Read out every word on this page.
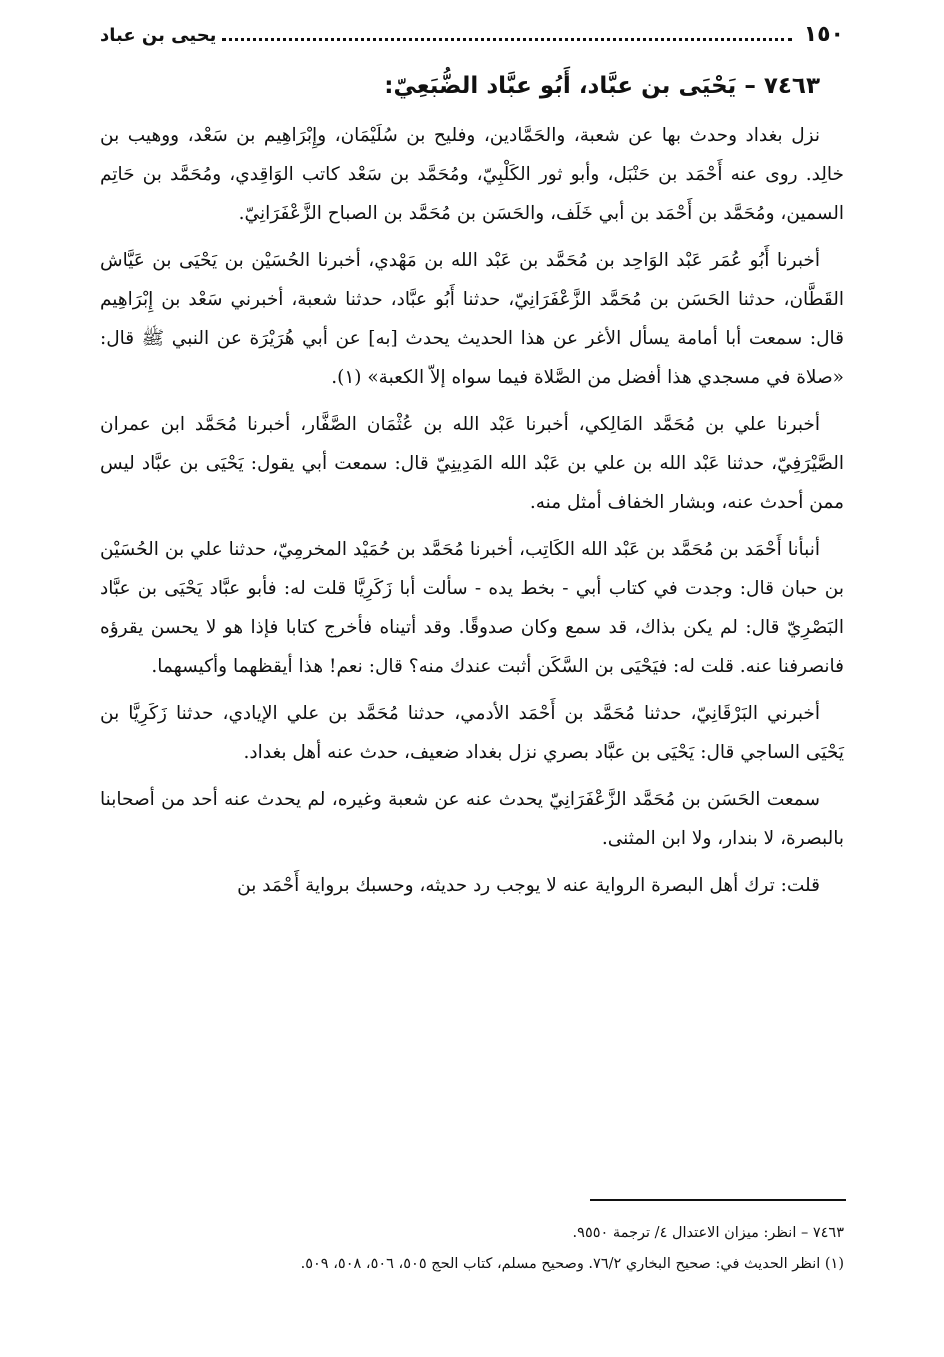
١٥٠
يحيى بن عباد
٧٤٦٣ – يَحْيَى بن عبَّاد، أَبُو عبَّاد الضُّبَعِيّ:

نزل بغداد وحدث بها عن شعبة، والحَمَّادين، وفليح بن سُلَيْمَان، وإِبْرَاهِيم بن سَعْد، ووهيب بن خالِد. روى عنه أَحْمَد بن حَنْبَل، وأبو ثور الكَلْبِيّ، ومُحَمَّد بن سَعْد كاتب الوَاقِدي، ومُحَمَّد بن حَاتِم السمين، ومُحَمَّد بن أَحْمَد بن أبي خَلَف، والحَسَن بن مُحَمَّد بن الصباح الزَّعْفَرَانِيّ.

أخبرنا أَبُو عُمَر عَبْد الوَاحِد بن مُحَمَّد بن عَبْد الله بن مَهْدي، أخبرنا الحُسَيْن بن يَحْيَى بن عَيَّاش القَطَّان، حدثنا الحَسَن بن مُحَمَّد الزَّعْفَرَانِيّ، حدثنا أَبُو عبَّاد، حدثنا شعبة، أخبرني سَعْد بن إِبْرَاهِيم قال: سمعت أبا أمامة يسأل الأغر عن هذا الحديث يحدث [به] عن أبي هُرَيْرَة عن النبي ﷺ قال: «صلاة في مسجدي هذا أفضل من الصَّلاة فيما سواه إلاّ الكعبة» (١).

أخبرنا علي بن مُحَمَّد المَالِكي، أخبرنا عَبْد الله بن عُثْمَان الصَّفَّار، أخبرنا مُحَمَّد ابن عمران الصَّيْرَفِيّ، حدثنا عَبْد الله بن علي بن عَبْد الله المَدِينِيّ قال: سمعت أبي يقول: يَحْيَى بن عبَّاد ليس ممن أحدث عنه، وبشار الخفاف أمثل منه.

أنبأنا أَحْمَد بن مُحَمَّد بن عَبْد الله الكَاتِب، أخبرنا مُحَمَّد بن حُمَيْد المخرمِيّ، حدثنا علي بن الحُسَيْن بن حبان قال: وجدت في كتاب أبي - بخط يده - سألت أبا زَكَرِيَّا قلت له: فأبو عبَّاد يَحْيَى بن عبَّاد البَصْرِيّ قال: لم يكن بذاك، قد سمع وكان صدوقًا. وقد أتيناه فأخرج كتابا فإذا هو لا يحسن يقرؤه فانصرفنا عنه. قلت له: فيَحْيَى بن السَّكَن أثبت عندك منه؟ قال: نعم! هذا أيقظهما وأكيسهما.

أخبرني البَرْقَانِيّ، حدثنا مُحَمَّد بن أَحْمَد الأدمي، حدثنا مُحَمَّد بن علي الإيادي، حدثنا زَكَرِيَّا بن يَحْيَى الساجي قال: يَحْيَى بن عبَّاد بصري نزل بغداد ضعيف، حدث عنه أهل بغداد.

سمعت الحَسَن بن مُحَمَّد الزَّعْفَرَانِيّ يحدث عنه عن شعبة وغيره، لم يحدث عنه أحد من أصحابنا بالبصرة، لا بندار، ولا ابن المثنى.

قلت: ترك أهل البصرة الرواية عنه لا يوجب رد حديثه، وحسبك برواية أَحْمَد بن

٧٤٦٣ – انظر: ميزان الاعتدال ٤/ ترجمة ٩٥٥٠.

(١) انظر الحديث في: صحيح البخاري ٧٦/٢. وصحيح مسلم، كتاب الحج ٥٠٥، ٥٠٦، ٥٠٨، ٥٠٩.
